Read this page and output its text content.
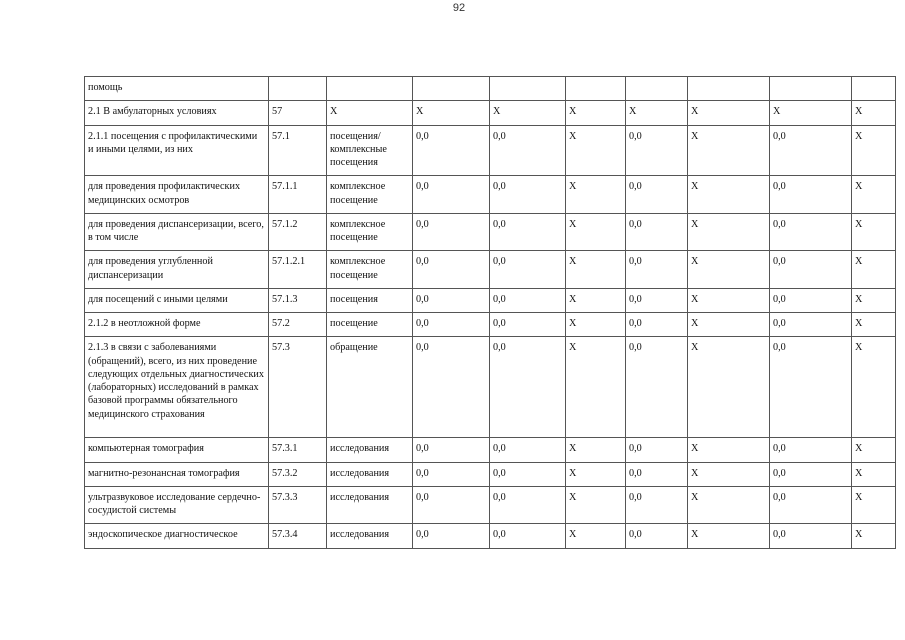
92
помощь									
2.1 В амбулаторных условиях	57	Х	Х	Х	Х	Х	Х	Х	Х
2.1.1 посещения с профилактическими и иными целями, из них	57.1	посещения/комплексные посещения	0,0	0,0	Х	0,0	Х	0,0	Х
для проведения профилактических медицинских осмотров	57.1.1	комплексное посещение	0,0	0,0	Х	0,0	Х	0,0	Х
для проведения диспансеризации, всего, в том числе	57.1.2	комплексное посещение	0,0	0,0	Х	0,0	Х	0,0	Х
для проведения углубленной диспансеризации	57.1.2.1	комплексное посещение	0,0	0,0	Х	0,0	Х	0,0	Х
для посещений с иными целями	57.1.3	посещения	0,0	0,0	Х	0,0	Х	0,0	Х
2.1.2 в неотложной форме	57.2	посещение	0,0	0,0	Х	0,0	Х	0,0	Х
2.1.3 в связи с заболеваниями (обращений), всего, из них проведение следующих отдельных диагностических (лабораторных) исследований в рамках базовой программы обязательного медицинского страхования	57.3	обращение	0,0	0,0	Х	0,0	Х	0,0	Х
компьютерная томография	57.3.1	исследования	0,0	0,0	Х	0,0	Х	0,0	Х
магнитно-резонансная томография	57.3.2	исследования	0,0	0,0	Х	0,0	Х	0,0	Х
ультразвуковое исследование сердечно-сосудистой системы	57.3.3	исследования	0,0	0,0	Х	0,0	Х	0,0	Х
эндоскопическое диагностическое	57.3.4	исследования	0,0	0,0	Х	0,0	Х	0,0	Х
